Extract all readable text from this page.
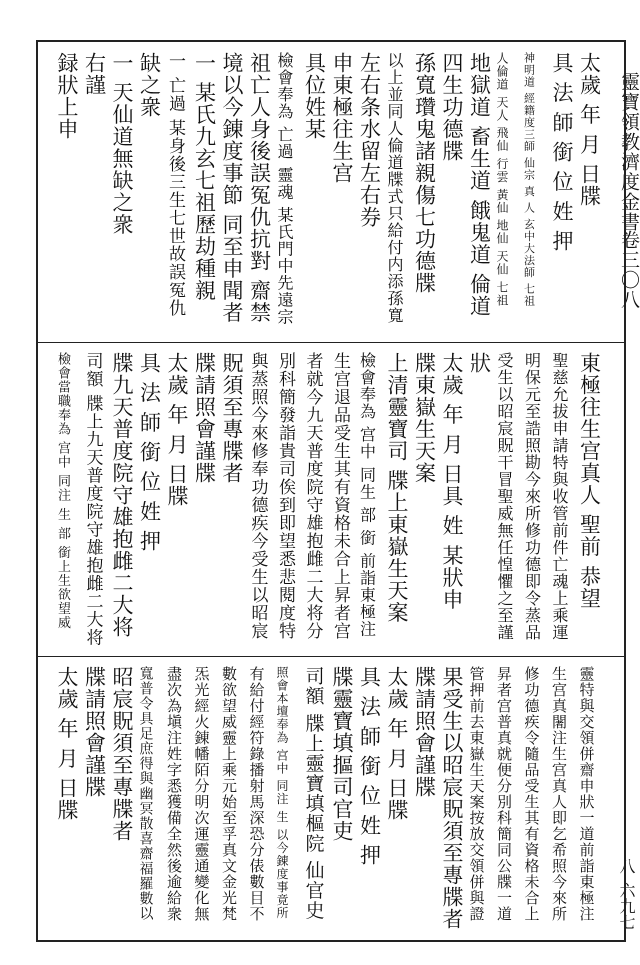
靈寶領教濟度金書
卷三〇八
八
六九七
太歲 年 月 日牒
具 法 師 銜 位 姓 押
神明道 經籍度三師 仙宗 真 人 玄中大法師 七祖
人倫道 天人 飛仙 行雲 黃仙 地仙 天仙 七祖
地獄道 畜生道 餓鬼道 倫道
四生功德牒
孫寬瓚鬼諸親傷七功德牒
以上並同人倫道牒式只給付内添孫寬
左右条水留左右券
申東極往生宫
具位姓某
檢會奉為 亡過 靈魂 某氏門中先遠宗
祖亡人身後誤冤仇抗對 齋禁
境以今錬度事節 同至申聞者
一 某氏九玄七祖歷劫種親
一 亡過 某身後三生七世故誤冤仇
缺之衆
一 天仙道無缺之衆
右謹
録狀上申
東極往生宫真人 聖前 恭望
聖慈允拔申請特與收管前件亡魂上乘運
明保元至誥照勘今來所修功德即令蒸品
受生以昭宸貺干冒聖威無任惶懼之至謹
狀
太歲 年 月 日具 姓 某狀申
牒東嶽生天案
上清靈寶司 牒上東嶽生天案
檢會奉為 宫中 同生 部 銜 前詣東極注
生宫退品受生其有資格未合上昇者宫
者就今九天普度院守雄抱雌二大将分
別科簡發詣貴司俟到即望悉悲閱度特
與蒸照今來修奉功德疾今受生以昭宸
貺須至專牒者
牒請照會謹牒
太歲 年 月 日牒
具 法 師 銜 位 姓 押
牒九天普度院守雄抱雌二大将
司額 牒上九天普度院守雄抱雌二大将
檢會當職奉為 宫中 同注 生 部 銜上生欲望威
靈特與交領併齋申狀一道前詣東極注
生宫真闍注生宫真人即乞希照今來所
修功德疾令隨品受生其有資格未合上
昇者宫普真就便分別科簡同公牒一道
管押前去東嶽生天案按放交領併與證
果受生以昭宸貺須至專牒者
牒請照會謹牒
太歲 年 月 日牒
具 法 師 銜 位 姓 押
牒靈寶填摳司官吏
司額 牒上靈寶填樞院 仙官史
照會本壇奉為 宫中 同注 生 以今錬度事竟所
有給付經符錄播射馬深恐分俵數目不
數欲望威靈上乘元始至孚真文金光梵
炁光經火錬幡陌分明次運靈通變化無
盡次為塡注姓字悉獲備全然後逾給衆
寬普令具足庶得與幽冥散喜齋福羅數以
昭宸貺須至專牒者
牒請照會謹牒
太歲 年 月 日牒
